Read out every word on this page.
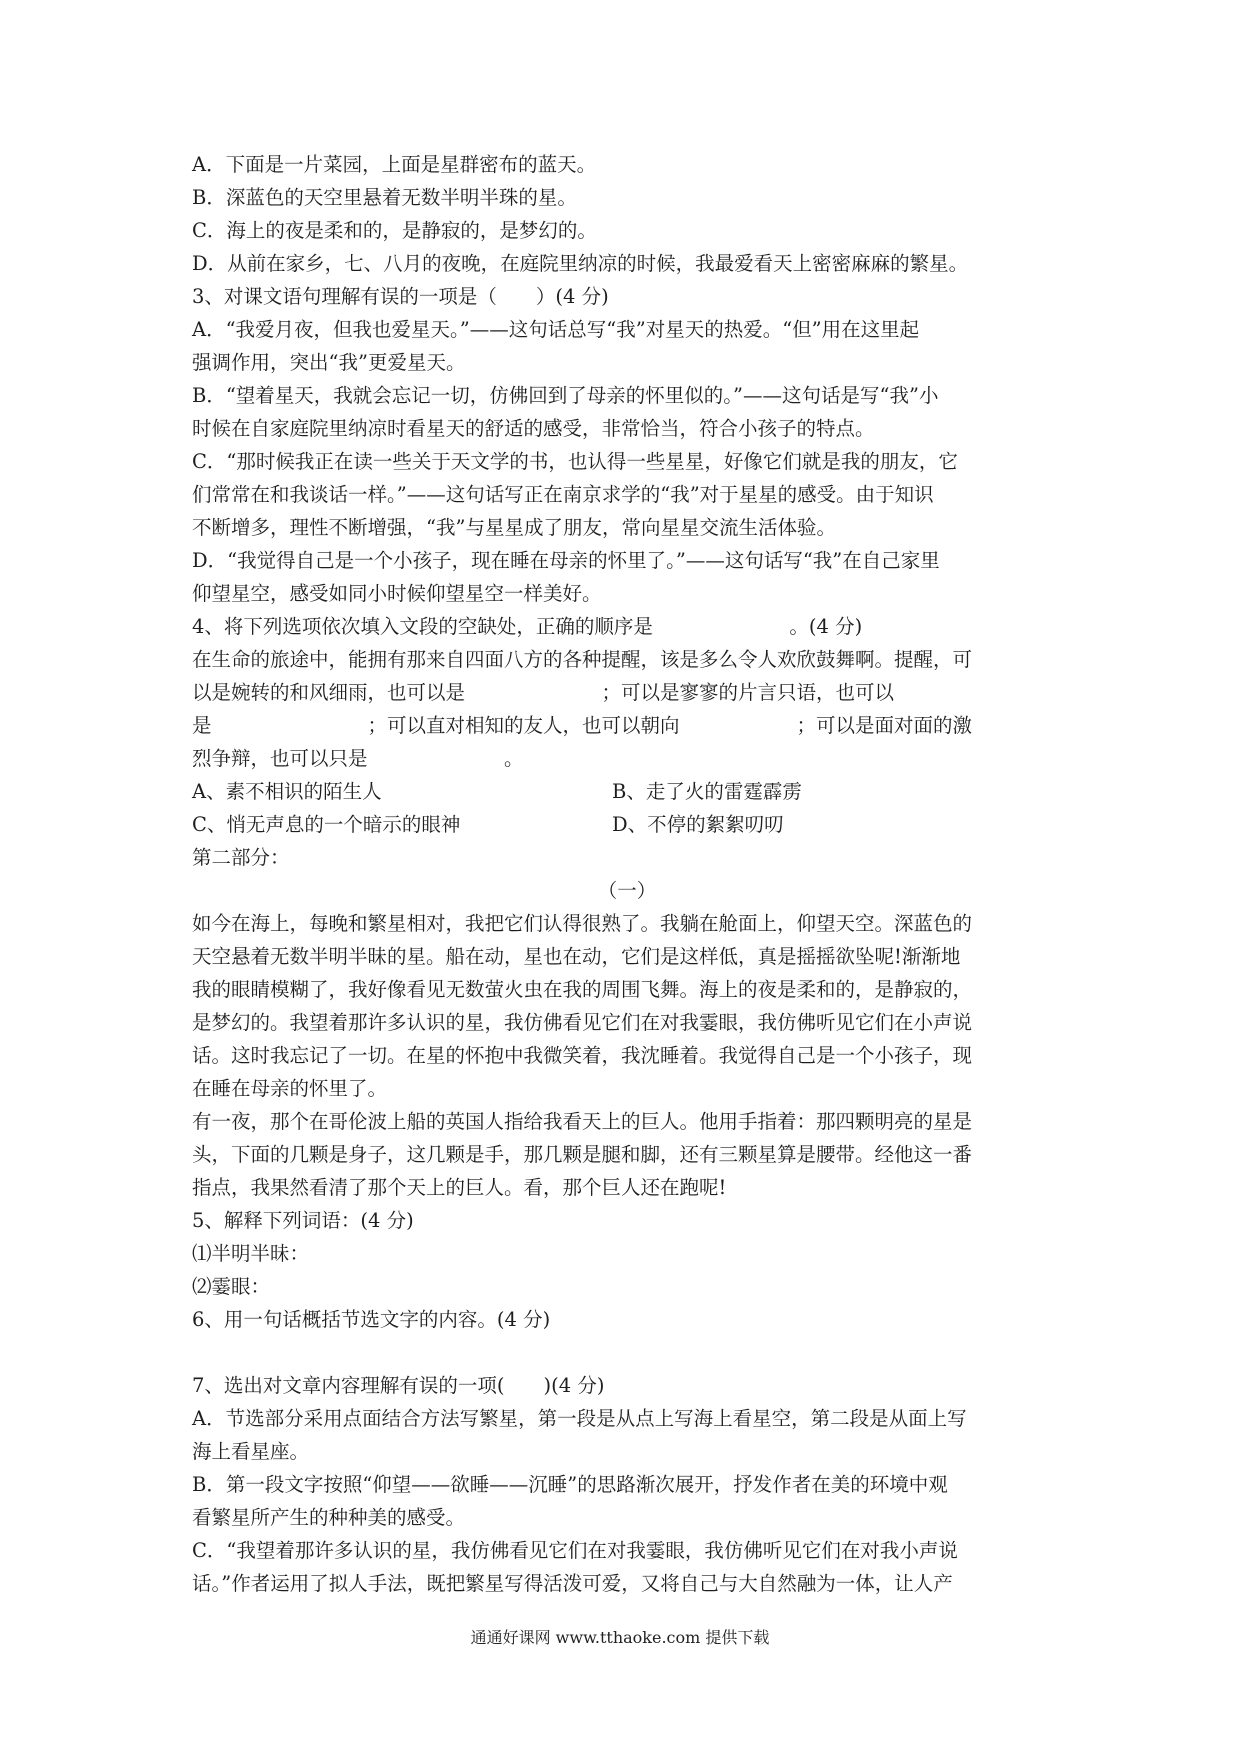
A．下面是一片菜园，上面是星群密布的蓝天。
B．深蓝色的天空里悬着无数半明半珠的星。
C．海上的夜是柔和的，是静寂的，是梦幻的。
D．从前在家乡，七、八月的夜晚，在庭院里纳凉的时候，我最爱看天上密密麻麻的繁星。
3、对课文语句理解有误的一项是（　　）(4 分)
A．“我爱月夜，但我也爱星天。”——这句话总写“我”对星天的热爱。“但”用在这里起
强调作用，突出“我”更爱星天。
B．“望着星天，我就会忘记一切，仿佛回到了母亲的怀里似的。”——这句话是写“我”小
时候在自家庭院里纳凉时看星天的舒适的感受，非常恰当，符合小孩子的特点。
C．“那时候我正在读一些关于天文学的书，也认得一些星星，好像它们就是我的朋友，它
们常常在和我谈话一样。”——这句话写正在南京求学的“我”对于星星的感受。由于知识
不断增多，理性不断增强，“我”与星星成了朋友，常向星星交流生活体验。
D．“我觉得自己是一个小孩子，现在睡在母亲的怀里了。”——这句话写“我”在自己家里
仰望星空，感受如同小时候仰望星空一样美好。
4、将下列选项依次填入文段的空缺处，正确的顺序是　　　　　　　。(4 分)
在生命的旅途中，能拥有那来自四面八方的各种提醒，该是多么令人欢欣鼓舞啊。提醒，可
以是婉转的和风细雨，也可以是　　　　　　　；可以是寥寥的片言只语，也可以
是　　　　　　　　；可以直对相知的友人，也可以朝向　　　　　　；可以是面对面的激
烈争辩，也可以只是　　　　　　　。
A、素不相识的陌生人	B、走了火的雷霆霹雳
C、悄无声息的一个暗示的眼神	D、不停的絮絮叨叨
第二部分：
（一）
如今在海上，每晚和繁星相对，我把它们认得很熟了。我躺在舱面上，仰望天空。深蓝色的
天空悬着无数半明半昧的星。船在动，星也在动，它们是这样低，真是摇摇欲坠呢!渐渐地
我的眼睛模糊了，我好像看见无数萤火虫在我的周围飞舞。海上的夜是柔和的，是静寂的，
是梦幻的。我望着那许多认识的星，我仿佛看见它们在对我霎眼，我仿佛听见它们在小声说
话。这时我忘记了一切。在星的怀抱中我微笑着，我沈睡着。我觉得自己是一个小孩子，现
在睡在母亲的怀里了。
有一夜，那个在哥伦波上船的英国人指给我看天上的巨人。他用手指着：那四颗明亮的星是
头，下面的几颗是身子，这几颗是手，那几颗是腿和脚，还有三颗星算是腰带。经他这一番
指点，我果然看清了那个天上的巨人。看，那个巨人还在跑呢!
5、解释下列词语：(4 分)
⑴半明半昧：
⑵霎眼：
6、用一句话概括节选文字的内容。(4 分)
7、选出对文章内容理解有误的一项(　　)(4 分)
A．节选部分采用点面结合方法写繁星，第一段是从点上写海上看星空，第二段是从面上写
海上看星座。
B．第一段文字按照“仰望——欲睡——沉睡”的思路渐次展开，抒发作者在美的环境中观
看繁星所产生的种种美的感受。
C．“我望着那许多认识的星，我仿佛看见它们在对我霎眼，我仿佛听见它们在对我小声说
话。”作者运用了拟人手法，既把繁星写得活泼可爱，又将自己与大自然融为一体，让人产
通通好课网 www.tthaoke.com 提供下载
